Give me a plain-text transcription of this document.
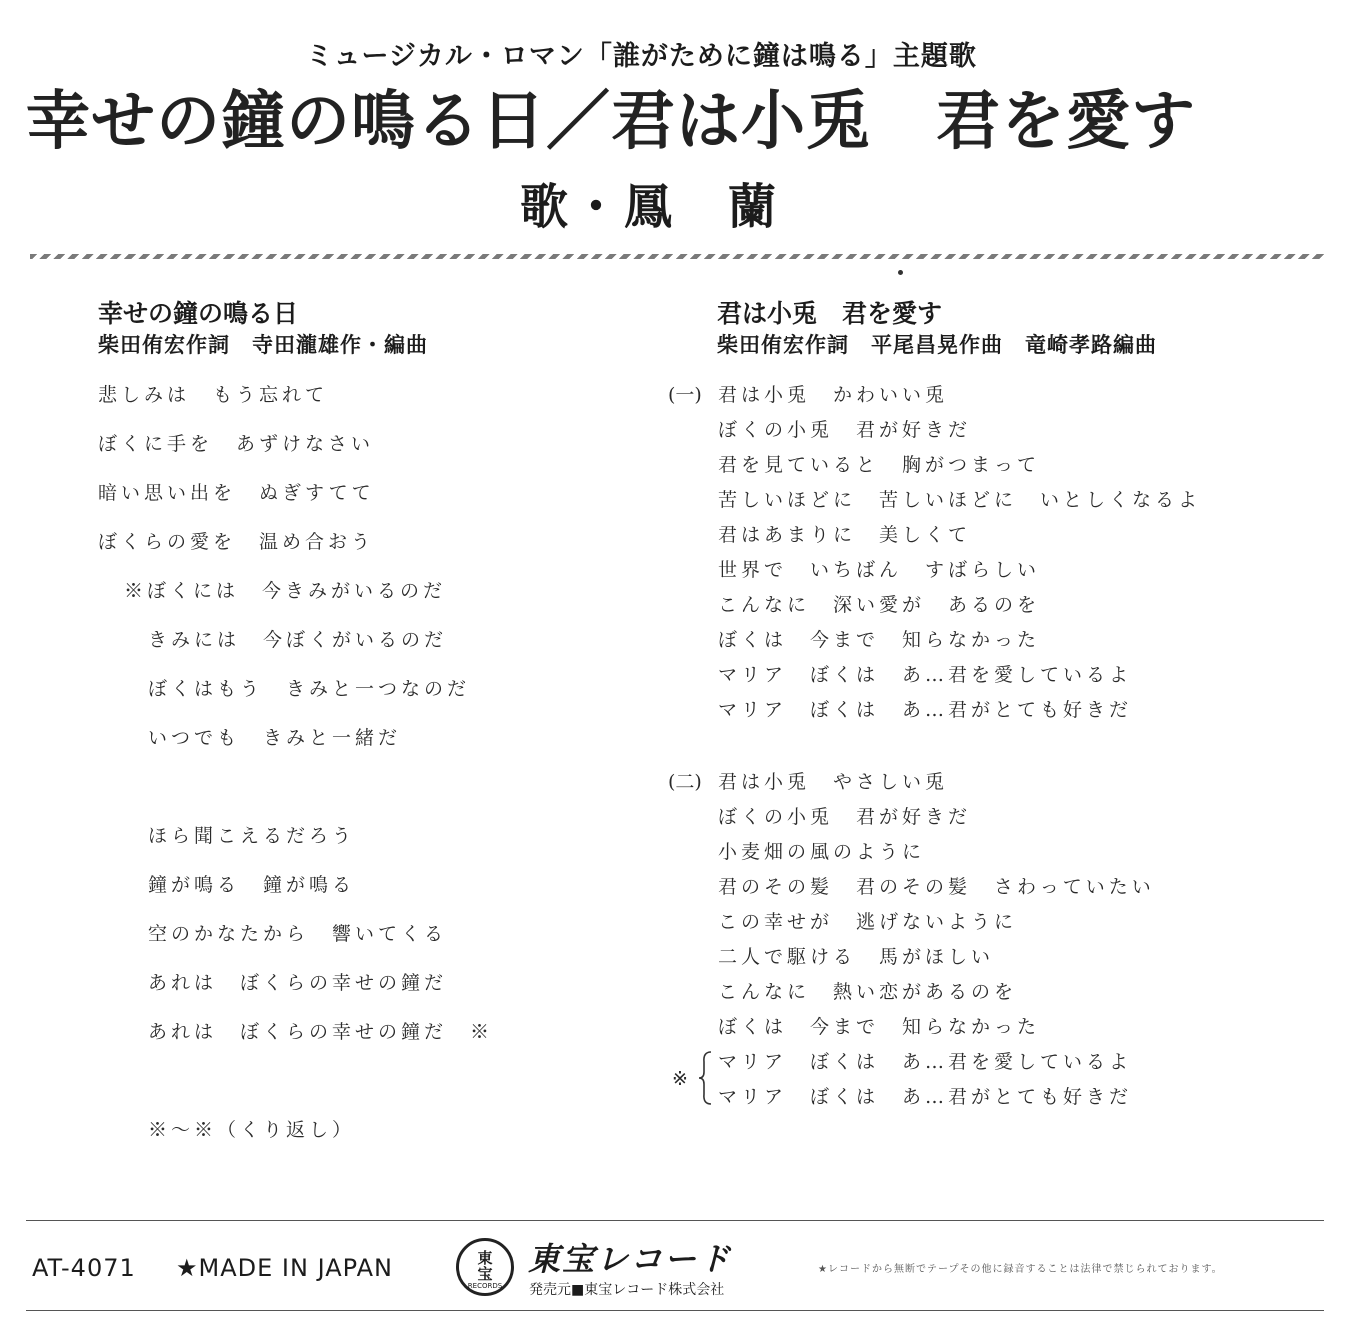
ミュージカル・ロマン「誰がために鐘は鳴る」主題歌
幸せの鐘の鳴る日／君は小兎　君を愛す
歌・鳳　蘭
幸せの鐘の鳴る日
柴田侑宏作詞　寺田瀧雄作・編曲
悲しみは　もう忘れて
ぼくに手を　あずけなさい
暗い思い出を　ぬぎすてて
ぼくらの愛を　温め合おう
※ぼくには　今きみがいるのだ
きみには　今ぼくがいるのだ
ぼくはもう　きみと一つなのだ
いつでも　きみと一緒だ
ほら聞こえるだろう
鐘が鳴る　鐘が鳴る
空のかなたから　響いてくる
あれは　ぼくらの幸せの鐘だ
あれは　ぼくらの幸せの鐘だ　※
※～※（くり返し）
君は小兎　君を愛す
柴田侑宏作詞　平尾昌晃作曲　竜崎孝路編曲
(一) 君は小兎　かわいい兎
ぼくの小兎　君が好きだ
君を見ていると　胸がつまって
苦しいほどに　苦しいほどに　いとしくなるよ
君はあまりに　美しくて
世界で　いちばん　すばらしい
こんなに　深い愛が　あるのを
ぼくは　今まで　知らなかった
マリア　ぼくは　あ…君を愛しているよ
マリア　ぼくは　あ…君がとても好きだ
(二) 君は小兎　やさしい兎
ぼくの小兎　君が好きだ
小麦畑の風のように
君のその髪　君のその髪　さわっていたい
この幸せが　逃げないように
二人で駆ける　馬がほしい
こんなに　熱い恋があるのを
ぼくは　今まで　知らなかった
マリア　ぼくは　あ…君を愛しているよ
マリア　ぼくは　あ…君がとても好きだ
※
AT-4071 ★MADE IN JAPAN	東
宝
RECORDS
東宝レコード
発売元■東宝レコード株式会社
★レコードから無断でテープその他に録音することは法律で禁じられております。
